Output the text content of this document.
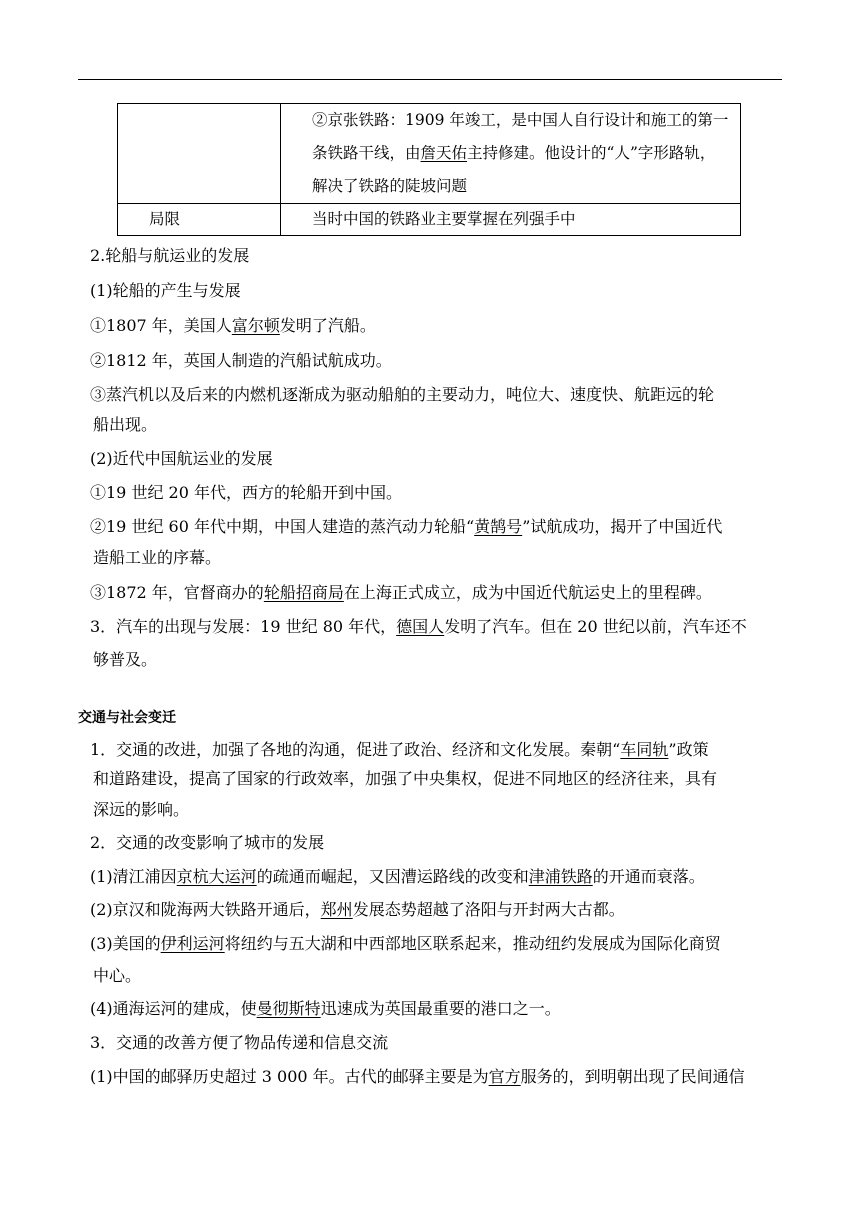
	②京张铁路：1909 年竣工，是中国人自行设计和施工的第一
条铁路干线，由詹天佑主持修建。他设计的“人”字形路轨，
解决了铁路的陡坡问题

局限	当时中国的铁路业主要掌握在列强手中
2.轮船与航运业的发展
(1)轮船的产生与发展
①1807 年，美国人富尔顿发明了汽船。
②1812 年，英国人制造的汽船试航成功。
③蒸汽机以及后来的内燃机逐渐成为驱动船舶的主要动力，吨位大、速度快、航距远的轮
船出现。
(2)近代中国航运业的发展
①19 世纪 20 年代，西方的轮船开到中国。
②19 世纪 60 年代中期，中国人建造的蒸汽动力轮船“黄鹄号”试航成功，揭开了中国近代
造船工业的序幕。
③1872 年，官督商办的轮船招商局在上海正式成立，成为中国近代航运史上的里程碑。
3．汽车的出现与发展：19 世纪 80 年代，德国人发明了汽车。但在 20 世纪以前，汽车还不
够普及。
交通与社会变迁
1．交通的改进，加强了各地的沟通，促进了政治、经济和文化发展。秦朝“车同轨”政策
和道路建设，提高了国家的行政效率，加强了中央集权，促进不同地区的经济往来，具有
深远的影响。
2．交通的改变影响了城市的发展
(1)清江浦因京杭大运河的疏通而崛起，又因漕运路线的改变和津浦铁路的开通而衰落。
(2)京汉和陇海两大铁路开通后，郑州发展态势超越了洛阳与开封两大古都。
(3)美国的伊利运河将纽约与五大湖和中西部地区联系起来，推动纽约发展成为国际化商贸
中心。
(4)通海运河的建成，使曼彻斯特迅速成为英国最重要的港口之一。
3．交通的改善方便了物品传递和信息交流
(1)中国的邮驿历史超过 3 000 年。古代的邮驿主要是为官方服务的，到明朝出现了民间通信
